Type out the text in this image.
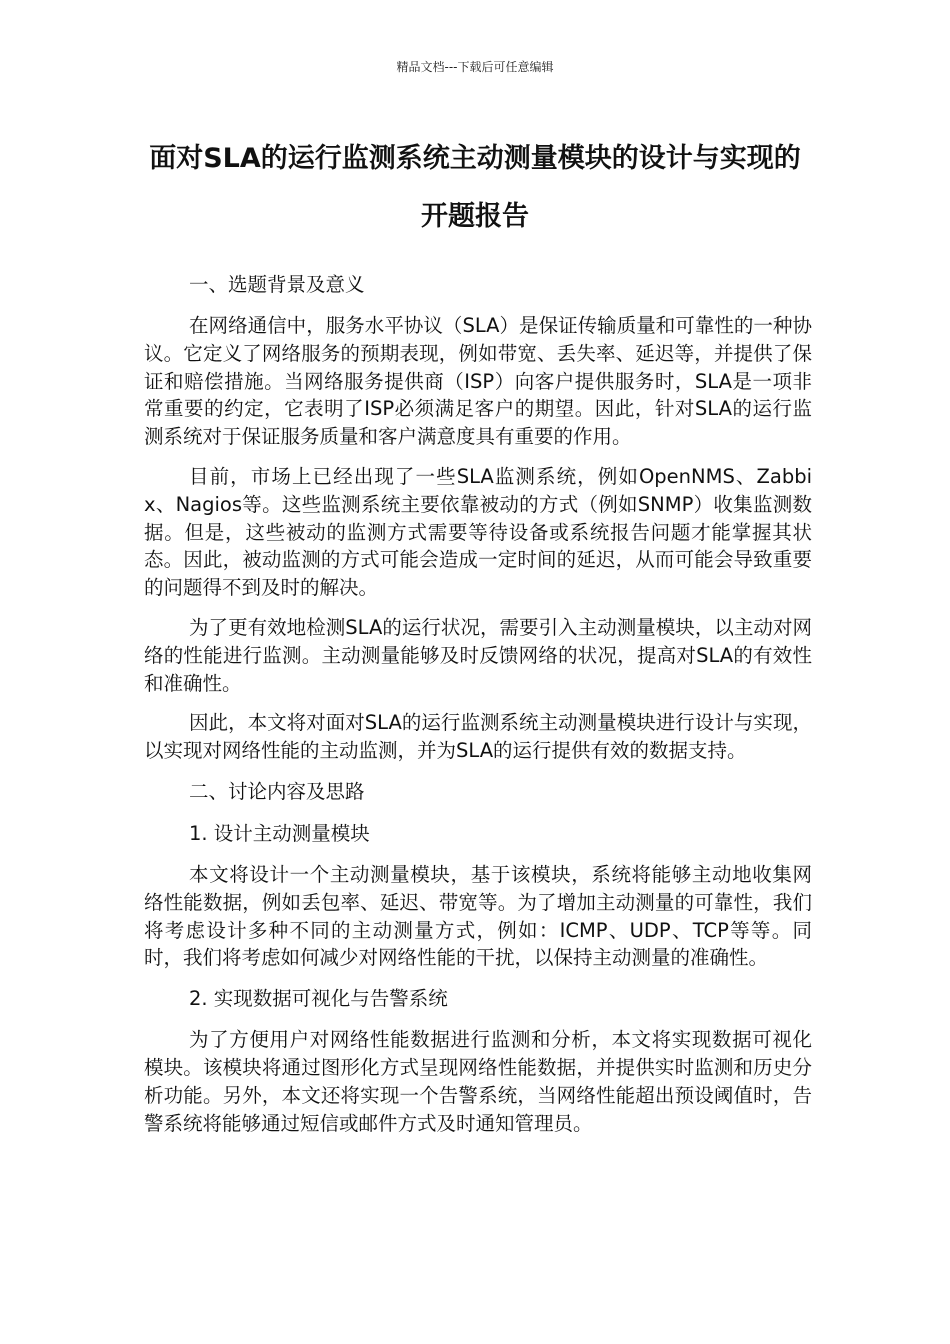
精品文档---下载后可任意编辑
面对SLA的运行监测系统主动测量模块的设计与实现的开题报告
一、选题背景及意义

在网络通信中，服务水平协议（SLA）是保证传输质量和可靠性的一种协议。它定义了网络服务的预期表现，例如带宽、丢失率、延迟等，并提供了保证和赔偿措施。当网络服务提供商（ISP）向客户提供服务时，SLA是一项非常重要的约定，它表明了ISP必须满足客户的期望。因此，针对SLA的运行监测系统对于保证服务质量和客户满意度具有重要的作用。

目前，市场上已经出现了一些SLA监测系统，例如OpenNMS、Zabbix、Nagios等。这些监测系统主要依靠被动的方式（例如SNMP）收集监测数据。但是，这些被动的监测方式需要等待设备或系统报告问题才能掌握其状态。因此，被动监测的方式可能会造成一定时间的延迟，从而可能会导致重要的问题得不到及时的解决。

为了更有效地检测SLA的运行状况，需要引入主动测量模块，以主动对网络的性能进行监测。主动测量能够及时反馈网络的状况，提高对SLA的有效性和准确性。

因此，本文将对面对SLA的运行监测系统主动测量模块进行设计与实现，以实现对网络性能的主动监测，并为SLA的运行提供有效的数据支持。

二、讨论内容及思路
1. 设计主动测量模块

本文将设计一个主动测量模块，基于该模块，系统将能够主动地收集网络性能数据，例如丢包率、延迟、带宽等。为了增加主动测量的可靠性，我们将考虑设计多种不同的主动测量方式，例如：ICMP、UDP、TCP等等。同时，我们将考虑如何减少对网络性能的干扰，以保持主动测量的准确性。

2. 实现数据可视化与告警系统

为了方便用户对网络性能数据进行监测和分析，本文将实现数据可视化模块。该模块将通过图形化方式呈现网络性能数据，并提供实时监测和历史分析功能。另外，本文还将实现一个告警系统，当网络性能超出预设阈值时，告警系统将能够通过短信或邮件方式及时通知管理员。
